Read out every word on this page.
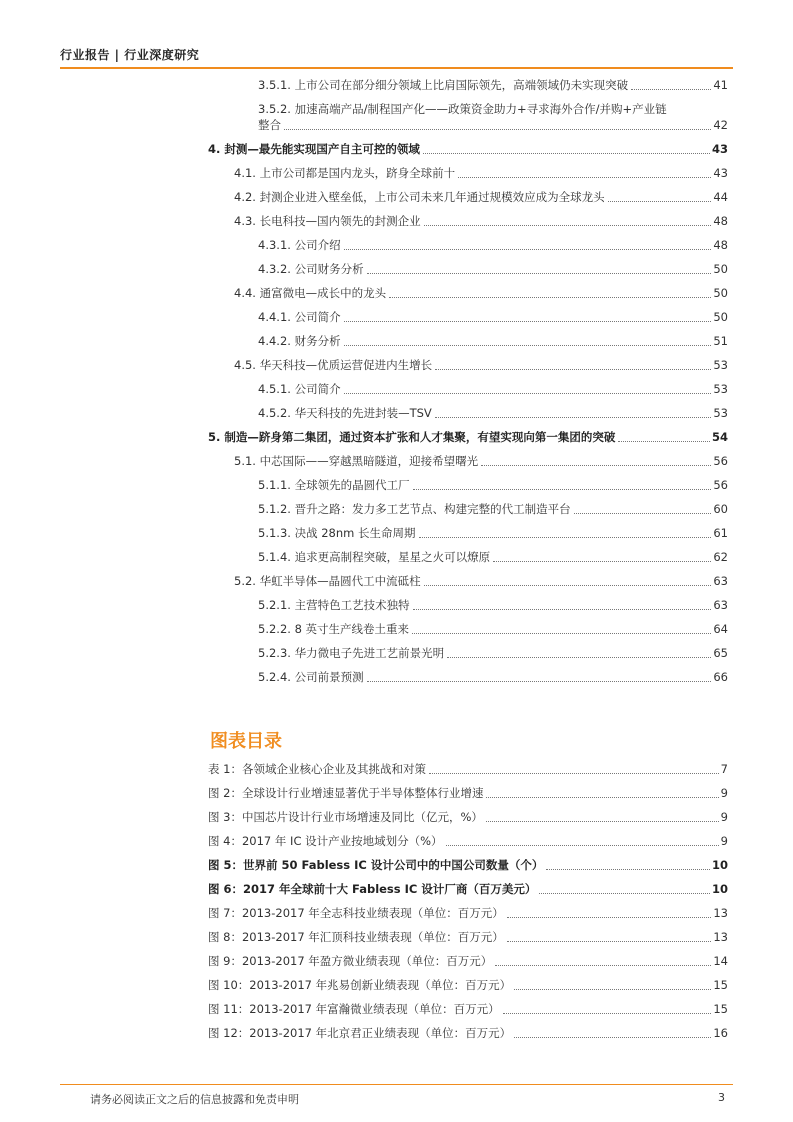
行业报告 | 行业深度研究
3.5.1. 上市公司在部分细分领域上比肩国际领先，高端领域仍未实现突破	41
3.5.2. 加速高端产品/制程国产化——政策资金助力+寻求海外合作/并购+产业链
整合	42
4. 封测—最先能实现国产自主可控的领域	43
4.1. 上市公司都是国内龙头，跻身全球前十	43
4.2. 封测企业进入壁垒低，上市公司未来几年通过规模效应成为全球龙头	44
4.3. 长电科技—国内领先的封测企业	48
4.3.1. 公司介绍	48
4.3.2. 公司财务分析	50
4.4. 通富微电—成长中的龙头	50
4.4.1. 公司简介	50
4.4.2. 财务分析	51
4.5. 华天科技—优质运营促进内生增长	53
4.5.1. 公司简介	53
4.5.2. 华天科技的先进封装—TSV	53
5. 制造—跻身第二集团，通过资本扩张和人才集聚，有望实现向第一集团的突破	54
5.1. 中芯国际——穿越黑暗隧道，迎接希望曙光	56
5.1.1. 全球领先的晶圆代工厂	56
5.1.2. 晋升之路：发力多工艺节点、构建完整的代工制造平台	60
5.1.3. 决战 28nm 长生命周期	61
5.1.4. 追求更高制程突破，星星之火可以燎原	62
5.2. 华虹半导体—晶圆代工中流砥柱	63
5.2.1. 主营特色工艺技术独特	63
5.2.2. 8 英寸生产线卷土重来	64
5.2.3. 华力微电子先进工艺前景光明	65
5.2.4. 公司前景预测	66
图表目录
表 1：各领域企业核心企业及其挑战和对策	7
图 2：全球设计行业增速显著优于半导体整体行业增速	9
图 3：中国芯片设计行业市场增速及同比（亿元，%）	9
图 4：2017 年 IC 设计产业按地域划分（%）	9
图 5：世界前 50 Fabless IC 设计公司中的中国公司数量（个）	10
图 6：2017 年全球前十大 Fabless IC 设计厂商（百万美元）	10
图 7：2013-2017 年全志科技业绩表现（单位：百万元）	13
图 8：2013-2017 年汇顶科技业绩表现（单位：百万元）	13
图 9：2013-2017 年盈方微业绩表现（单位：百万元）	14
图 10：2013-2017 年兆易创新业绩表现（单位：百万元）	15
图 11：2013-2017 年富瀚微业绩表现（单位：百万元）	15
图 12：2013-2017 年北京君正业绩表现（单位：百万元）	16
请务必阅读正文之后的信息披露和免责申明	3
